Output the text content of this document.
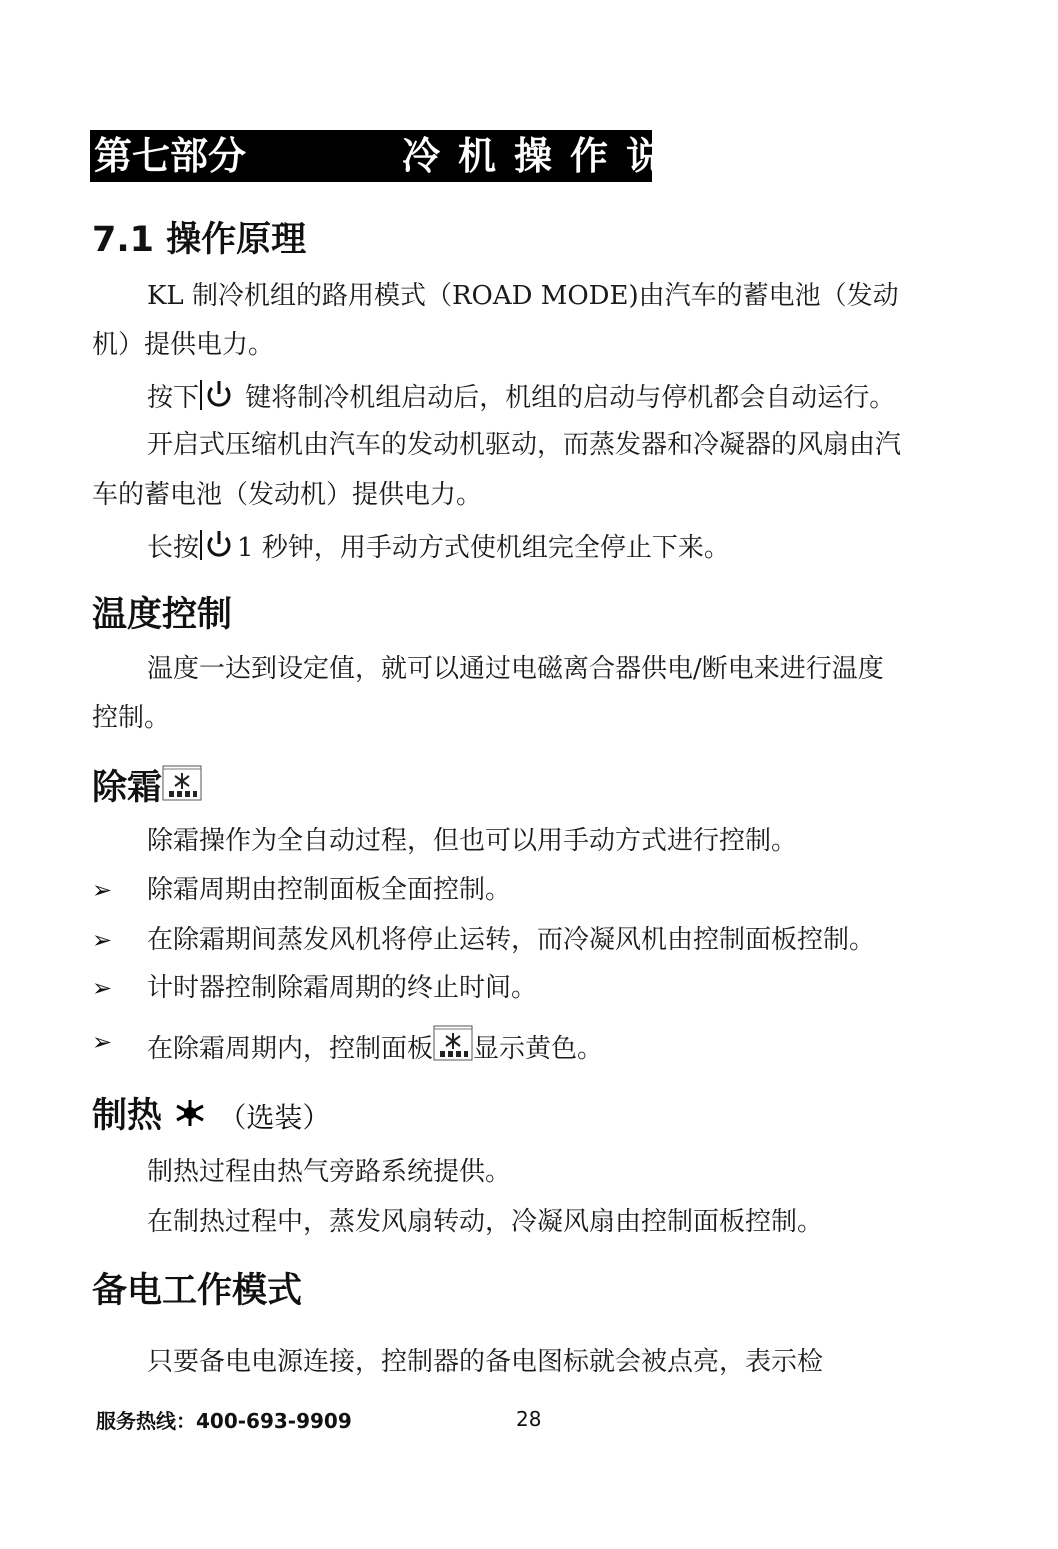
第七部分	冷机操作说明
7.1 操作原理
KL 制冷机组的路用模式（ROAD MODE)由汽车的蓄电池（发动
机）提供电力。
按下 键将制冷机组启动后，机组的启动与停机都会自动运行。
开启式压缩机由汽车的发动机驱动，而蒸发器和冷凝器的风扇由汽
车的蓄电池（发动机）提供电力。
长按 1 秒钟，用手动方式使机组完全停止下来。
温度控制
温度一达到设定值，就可以通过电磁离合器供电/断电来进行温度
控制。
除霜
除霜操作为全自动过程，但也可以用手动方式进行控制。
➢ 除霜周期由控制面板全面控制。
➢ 在除霜期间蒸发风机将停止运转，而冷凝风机由控制面板控制。
➢ 计时器控制除霜周期的终止时间。
➢ 在除霜周期内，控制面板 显示黄色。
制热 （选装）
制热过程由热气旁路系统提供。
在制热过程中，蒸发风扇转动，冷凝风扇由控制面板控制。
备电工作模式
只要备电电源连接，控制器的备电图标就会被点亮，表示检
服务热线：400-693-9909	28
